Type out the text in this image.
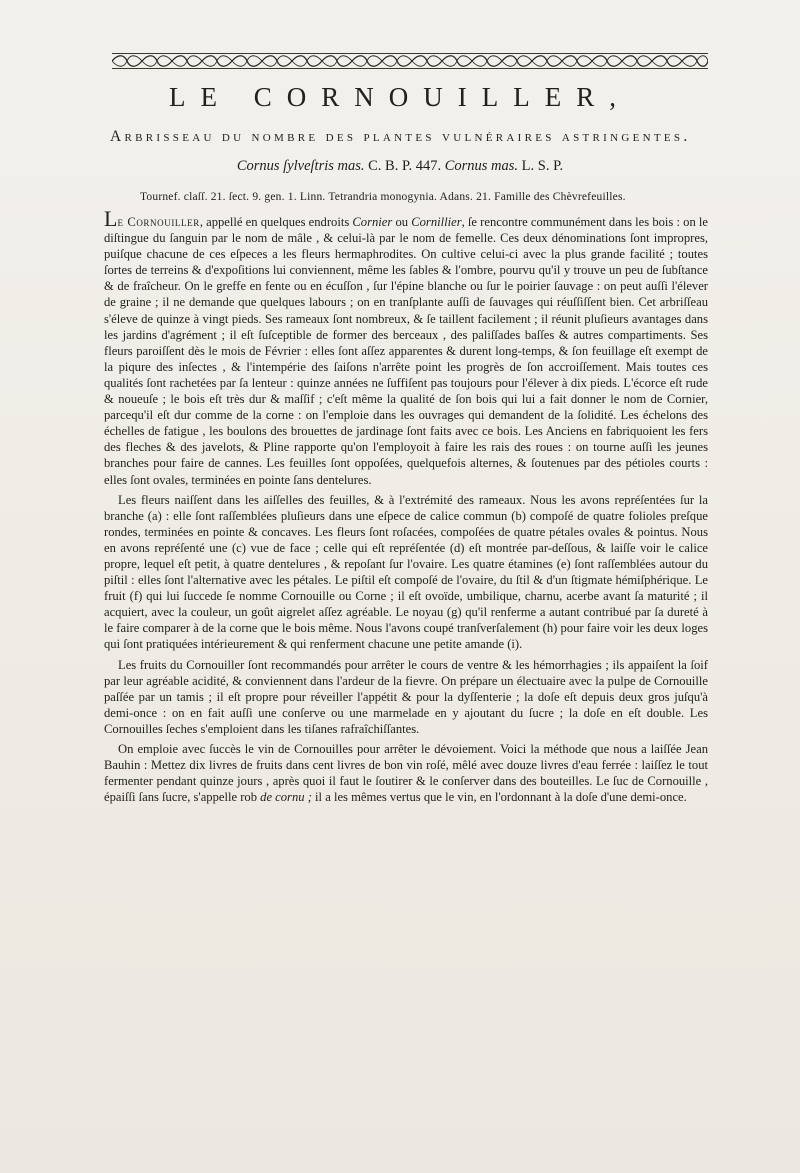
LE CORNOUILLER,

Arbrisseau du nombre des plantes vulnéraires astringentes.

Cornus ſylveſtris mas. C. B. P. 447. Cornus mas. L. S. P.

Tournef. claſſ. 21. ſect. 9. gen. 1. Linn. Tetrandria monogynia. Adans. 21. Famille des Chèvrefeuilles.

Le Cornouiller, appellé en quelques endroits Cornier ou Cornillier, ſe rencontre communément dans les bois : on le diſtingue du ſanguin par le nom de mâle , & celui-là par le nom de femelle. Ces deux dénominations ſont impropres, puiſque chacune de ces eſpeces a les fleurs hermaphrodites. On cultive celui-ci avec la plus grande facilité ; toutes ſortes de terreins & d'expoſitions lui conviennent, même les ſables & l'ombre, pourvu qu'il y trouve un peu de ſubſtance & de fraîcheur. On le greffe en fente ou en écuſſon , ſur l'épine blanche ou ſur le poirier ſauvage : on peut auſſi l'élever de graine ; il ne demande que quelques labours ; on en tranſplante auſſi de ſauvages qui réuſſiſſent bien. Cet arbriſſeau s'éleve de quinze à vingt pieds. Ses rameaux ſont nombreux, & ſe taillent facilement ; il réunit pluſieurs avantages dans les jardins d'agrément ; il eſt ſuſceptible de former des berceaux , des paliſſades baſſes & autres compartiments. Ses fleurs paroiſſent dès le mois de Février : elles ſont aſſez apparentes & durent long-temps, & ſon feuillage eſt exempt de la piqure des inſectes , & l'intempérie des ſaiſons n'arrête point les progrès de ſon accroiſſement. Mais toutes ces qualités ſont rachetées par ſa lenteur : quinze années ne ſuffiſent pas toujours pour l'élever à dix pieds. L'écorce eſt rude & noueuſe ; le bois eſt très dur & maſſif ; c'eſt même la qualité de ſon bois qui lui a fait donner le nom de Cornier, parcequ'il eſt dur comme de la corne : on l'emploie dans les ouvrages qui demandent de la ſolidité. Les échelons des échelles de fatigue , les boulons des brouettes de jardinage ſont faits avec ce bois. Les Anciens en fabriquoient les fers des fleches & des javelots, & Pline rapporte qu'on l'employoit à faire les rais des roues : on tourne auſſi les jeunes branches pour faire de cannes. Les feuilles ſont oppoſées, quelquefois alternes, & ſoutenues par des pétioles courts : elles ſont ovales, terminées en pointe ſans dentelures.

Les fleurs naiſſent dans les aiſſelles des feuilles, & à l'extrémité des rameaux. Nous les avons repréſentées ſur la branche (a) : elle ſont raſſemblées pluſieurs dans une eſpece de calice commun (b) compoſé de quatre folioles preſque rondes, terminées en pointe & concaves. Les fleurs ſont roſacées, compoſées de quatre pétales ovales & pointus. Nous en avons repréſenté une (c) vue de face ; celle qui eſt repréſentée (d) eſt montrée par-deſſous, & laiſſe voir le calice propre, lequel eſt petit, à quatre dentelures , & repoſant ſur l'ovaire. Les quatre étamines (e) ſont raſſemblées autour du piſtil : elles ſont l'alternative avec les pétales. Le piſtil eſt compoſé de l'ovaire, du ſtil & d'un ſtigmate hémiſphérique. Le fruit (f) qui lui ſuccede ſe nomme Cornouille ou Corne ; il eſt ovoïde, umbilique, charnu, acerbe avant ſa maturité ; il acquiert, avec la couleur, un goût aigrelet aſſez agréable. Le noyau (g) qu'il renferme a autant contribué par ſa dureté à le faire comparer à de la corne que le bois même. Nous l'avons coupé tranſverſalement (h) pour faire voir les deux loges qui ſont pratiquées intérieurement & qui renferment chacune une petite amande (i).

Les fruits du Cornouiller ſont recommandés pour arrêter le cours de ventre & les hémorrhagies ; ils appaiſent la ſoif par leur agréable acidité, & conviennent dans l'ardeur de la fievre. On prépare un électuaire avec la pulpe de Cornouille paſſée par un tamis ; il eſt propre pour réveiller l'appétit & pour la dyſſenterie ; la doſe eſt depuis deux gros juſqu'à demi-once : on en fait auſſi une conſerve ou une marmelade en y ajoutant du ſucre ; la doſe en eſt double. Les Cornouilles ſeches s'emploient dans les tiſanes rafraîchiſſantes.

On emploie avec ſuccès le vin de Cornouilles pour arrêter le dévoiement. Voici la méthode que nous a laiſſée Jean Bauhin : Mettez dix livres de fruits dans cent livres de bon vin roſé, mêlé avec douze livres d'eau ferrée : laiſſez le tout fermenter pendant quinze jours , après quoi il faut le ſoutirer & le conſerver dans des bouteilles. Le ſuc de Cornouille , épaiſſi ſans ſucre, s'appelle rob de cornu ; il a les mêmes vertus que le vin, en l'ordonnant à la doſe d'une demi-once.
